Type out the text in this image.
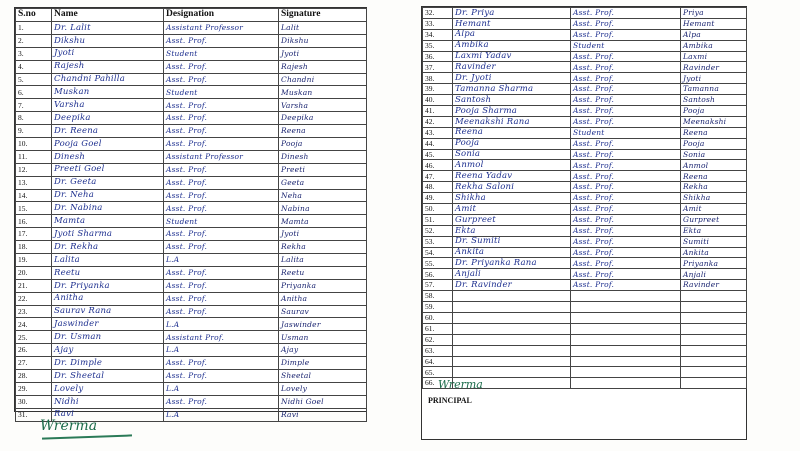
S.no	Name	Designation	Signature
1.	Dr. Lalit	Assistant Professor	Lalit
2.	Dikshu	Asst. Prof.	Dikshu
3.	Jyoti	Student	Jyoti
4.	Rajesh	Asst. Prof.	Rajesh
5.	Chandni Pahilla	Asst. Prof.	Chandni
6.	Muskan	Student	Muskan
7.	Varsha	Asst. Prof.	Varsha
8.	Deepika	Asst. Prof.	Deepika
9.	Dr. Reena	Asst. Prof.	Reena
10.	Pooja Goel	Asst. Prof.	Pooja
11.	Dinesh	Assistant Professor	Dinesh
12.	Preeti Goel	Asst. Prof.	Preeti
13.	Dr. Geeta	Asst. Prof.	Geeta
14.	Dr. Neha	Asst. Prof.	Neha
15.	Dr. Nabina	Asst. Prof.	Nabina
16.	Mamta	Student	Mamta
17.	Jyoti Sharma	Asst. Prof.	Jyoti
18.	Dr. Rekha	Asst. Prof.	Rekha
19.	Lalita	L.A	Lalita
20.	Reetu	Asst. Prof.	Reetu
21.	Dr. Priyanka	Asst. Prof.	Priyanka
22.	Anitha	Asst. Prof.	Anitha
23.	Saurav Rana	Asst. Prof.	Saurav
24.	Jaswinder	L.A	Jaswinder
25.	Dr. Usman	Assistant Prof.	Usman
26.	Ajay	L.A	Ajay
27.	Dr. Dimple	Asst. Prof.	Dimple
28.	Dr. Sheetal	Asst. Prof.	Sheetal
29.	Lovely	L.A	Lovely
30.	Nidhi	Asst. Prof.	Nidhi Goel
31.	Ravi	L.A	Ravi
32.	Dr. Priya	Asst. Prof.	Priya
33.	Hemant	Asst. Prof.	Hemant
34.	Alpa	Asst. Prof.	Alpa
35.	Ambika	Student	Ambika
36.	Laxmi Yadav	Asst. Prof.	Laxmi
37.	Ravinder	Asst. Prof.	Ravinder
38.	Dr. Jyoti	Asst. Prof.	Jyoti
39.	Tamanna Sharma	Asst. Prof.	Tamanna
40.	Santosh	Asst. Prof.	Santosh
41.	Pooja Sharma	Asst. Prof.	Pooja
42.	Meenakshi Rana	Asst. Prof.	Meenakshi
43.	Reena	Student	Reena
44.	Pooja	Asst. Prof.	Pooja
45.	Sonia	Asst. Prof.	Sonia
46.	Anmol	Asst. Prof.	Anmol
47.	Reena Yadav	Asst. Prof.	Reena
48.	Rekha Saloni	Asst. Prof.	Rekha
49.	Shikha	Asst. Prof.	Shikha
50.	Amit	Asst. Prof.	Amit
51.	Gurpreet	Asst. Prof.	Gurpreet
52.	Ekta	Asst. Prof.	Ekta
53.	Dr. Sumiti	Asst. Prof.	Sumiti
54.	Ankita	Asst. Prof.	Ankita
55.	Dr. Priyanka Rana	Asst. Prof.	Priyanka
56.	Anjali	Asst. Prof.	Anjali
57.	Dr. Ravinder	Asst. Prof.	Ravinder
58.			
59.			
60.			
61.			
62.			
63.			
64.			
65.			
66.			Wrerma
PRINCIPAL
Wrerma
